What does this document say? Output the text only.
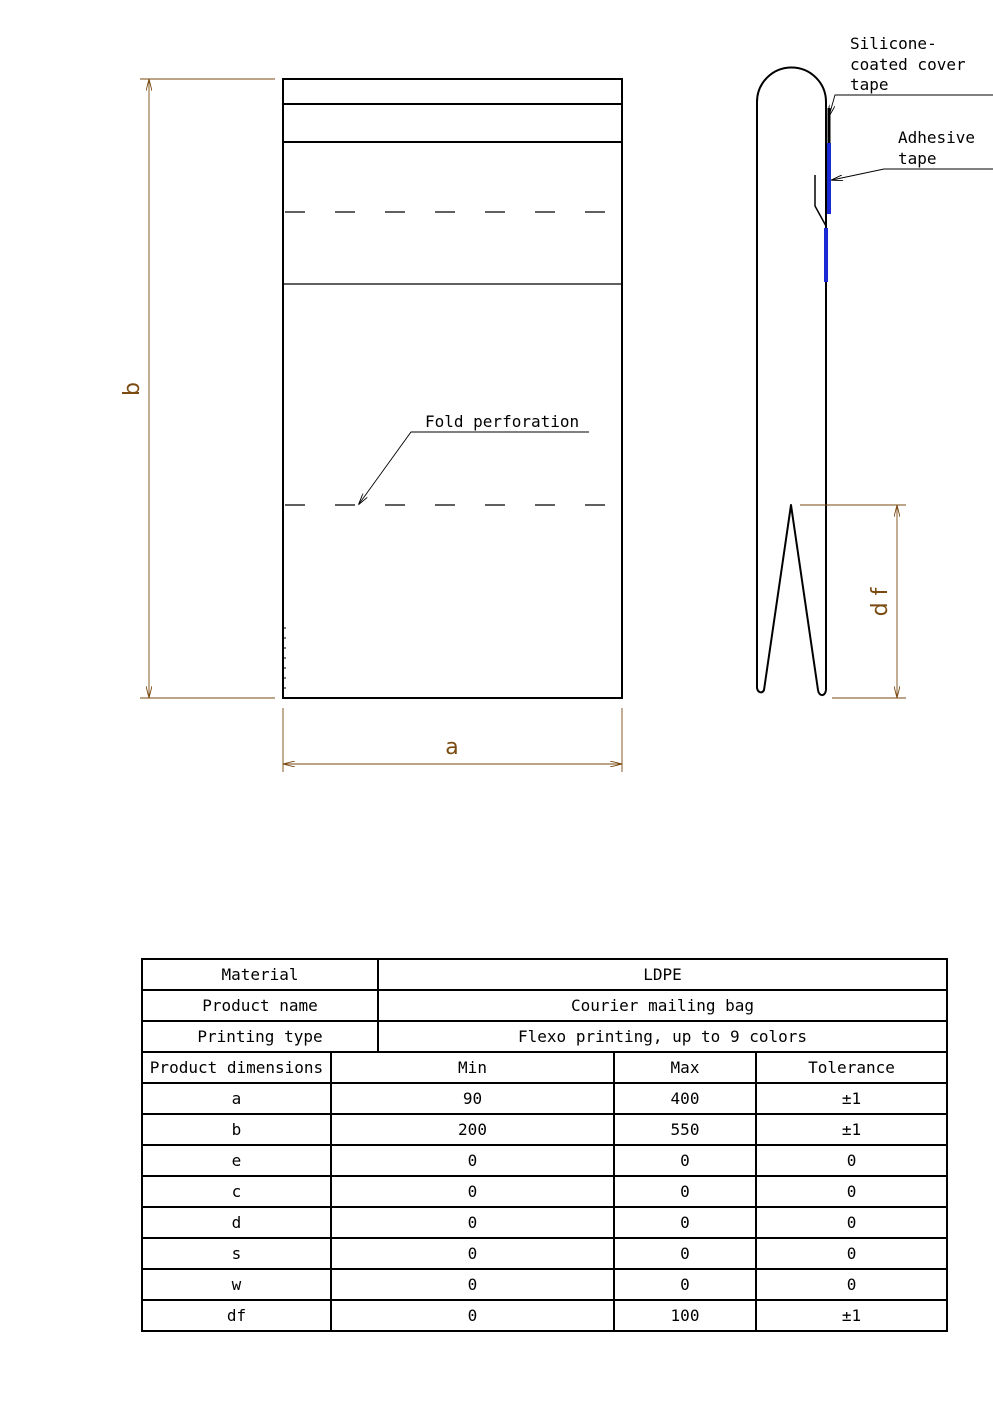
Fold perforation
b
a
Silicone- coated cover tape
Adhesive tape
d f
Material		LDPE		
Product name		Courier mailing bag		
Printing type		Flexo printing, up to 9 colors		
Product dimensions	Min		Max	Tolerance
a	90		400	±1
b	200		550	±1
e	0		0	0
c	0		0	0
d	0		0	0
s	0		0	0
w	0		0	0
df	0		100	±1
